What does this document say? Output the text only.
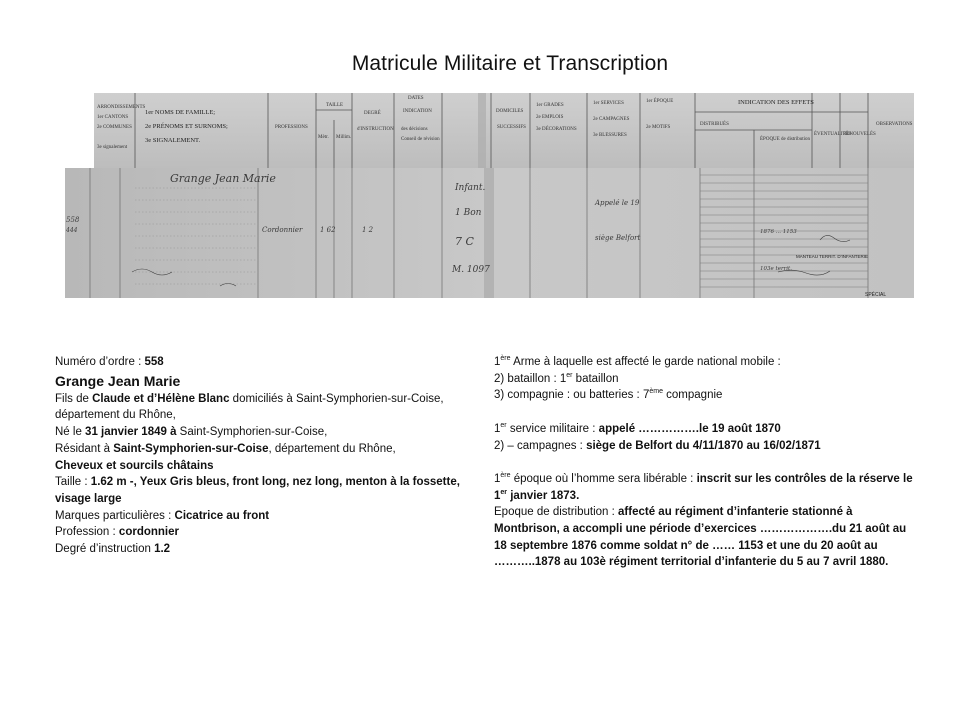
Matricule Militaire et Transcription
ARRONDISSEMENTS
1er CANTONS
2e COMMUNES
3e signalement
PROFESSIONS
TAILLE
Mètr. Millim.
DEGRÉ
d'INSTRUCTION
DATES
INDICATION
des décisions
Conseil de révision
DOMICILES
SUCCESSIFS
1er GRADES
2e EMPLOIS
3e DÉCORATIONS
1er SERVICES
2e CAMPAGNES
3e BLESSURES
1er ÉPOQUE
2e MOTIFS
DISTRIBUÉS
ÉPOQUE de distribution
ÉVENTUALITÉS
RENOUVELÉS
OBSERVATIONS
1er NOMS DE FAMILLE;
2e PRÉNOMS ET SURNOMS;
3e SIGNALEMENT.
INDICATION DES EFFETS
558
444
Grange Jean Marie
Cordonnier	1 62	1 2
Infant.
1 Bon
7 C
M. 1097
Appelé le 19
siège Belfort
1876 ... 1153
103e territ.
MANTEAU TERRIT. D'INFANTERIE
SPÉCIAL

Numéro d’ordre : 558

Grange Jean Marie

Fils de Claude et d’Hélène Blanc domiciliés à Saint-Symphorien-sur-Coise, département du Rhône,

Né le 31 janvier 1849 à Saint-Symphorien-sur-Coise,

Résidant à Saint-Symphorien-sur-Coise, département du Rhône,

Cheveux et sourcils châtains

Taille : 1.62 m -, Yeux Gris bleus, front long, nez long, menton à la fossette, visage large

Marques particulières : Cicatrice au front

Profession : cordonnier

Degré d’instruction 1.2

1ère Arme à laquelle est affecté le garde national mobile :

2) bataillon : 1er bataillon

3) compagnie : ou batteries : 7ème compagnie

1er service militaire : appelé …………….le 19 août 1870

2) – campagnes : siège de Belfort du 4/11/1870 au 16/02/1871

1ère époque où l’homme sera libérable : inscrit sur les contrôles de la réserve le 1er janvier 1873.

Epoque de distribution : affecté au régiment d’infanterie stationné à Montbrison, a accompli une période d’exercices ……………….du 21 août au 18 septembre 1876 comme soldat n° de …… 1153 et une du 20 août au ………..1878 au 103è régiment territorial d’infanterie du 5 au 7 avril 1880.
